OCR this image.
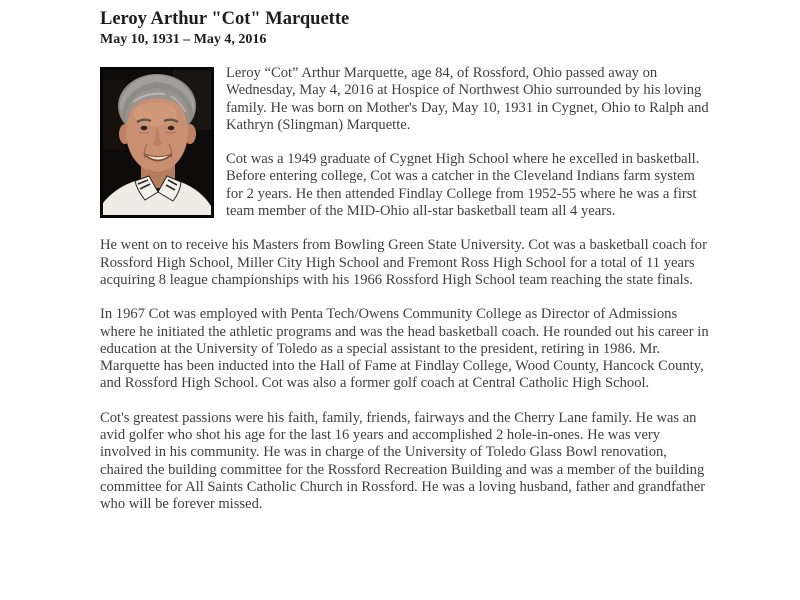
Leroy Arthur "Cot" Marquette
May 10, 1931 – May 4, 2016

Leroy “Cot” Arthur Marquette, age 84, of Rossford, Ohio passed away on Wednesday, May 4, 2016 at Hospice of Northwest Ohio surrounded by his loving family. He was born on Mother's Day, May 10, 1931 in Cygnet, Ohio to Ralph and Kathryn (Slingman) Marquette.

Cot was a 1949 graduate of Cygnet High School where he excelled in basketball. Before entering college, Cot was a catcher in the Cleveland Indians farm system for 2 years. He then attended Findlay College from 1952-55 where he was a first team member of the MID-Ohio all-star basketball team all 4 years.

He went on to receive his Masters from Bowling Green State University. Cot was a basketball coach for Rossford High School, Miller City High School and Fremont Ross High School for a total of 11 years acquiring 8 league championships with his 1966 Rossford High School team reaching the state finals.

In 1967 Cot was employed with Penta Tech/Owens Community College as Director of Admissions where he initiated the athletic programs and was the head basketball coach. He rounded out his career in education at the University of Toledo as a special assistant to the president, retiring in 1986. Mr. Marquette has been inducted into the Hall of Fame at Findlay College, Wood County, Hancock County, and Rossford High School. Cot was also a former golf coach at Central Catholic High School.

Cot's greatest passions were his faith, family, friends, fairways and the Cherry Lane family. He was an avid golfer who shot his age for the last 16 years and accomplished 2 hole-in-ones. He was very involved in his community. He was in charge of the University of Toledo Glass Bowl renovation, chaired the building committee for the Rossford Recreation Building and was a member of the building committee for All Saints Catholic Church in Rossford. He was a loving husband, father and grandfather who will be forever missed.
